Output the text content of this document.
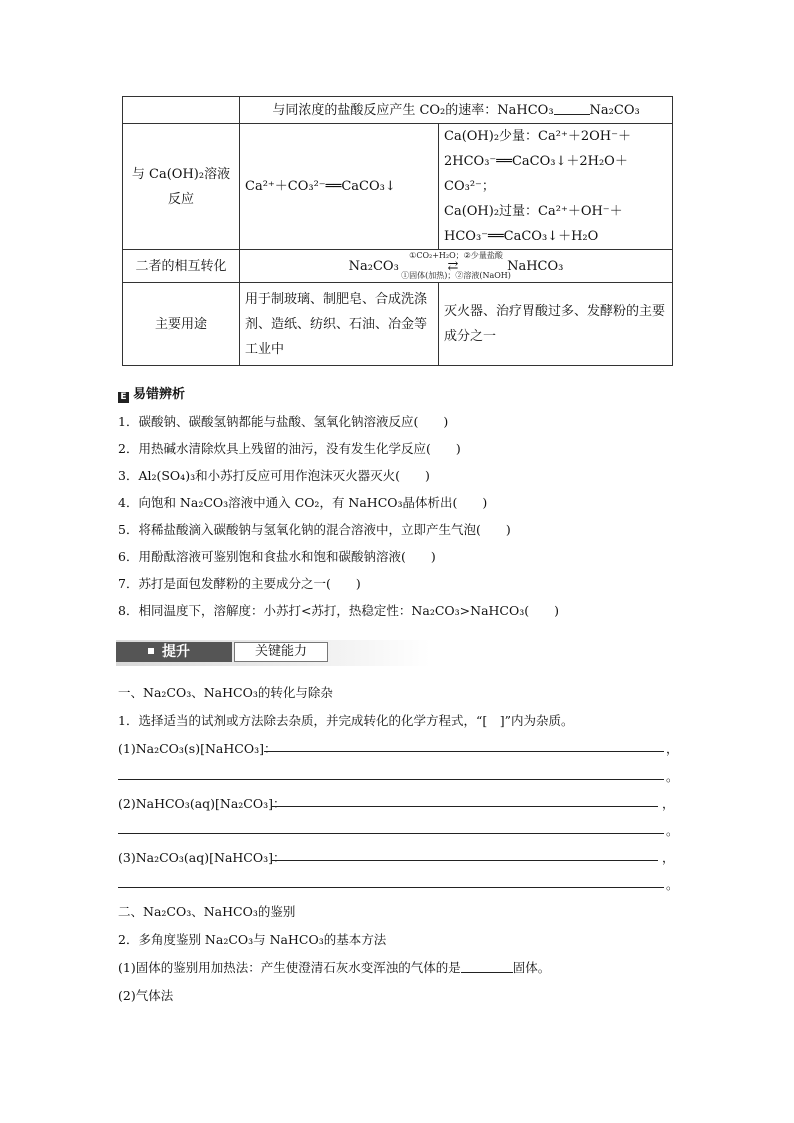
	与同浓度的盐酸反应产生 CO₂的速率：NaHCO₃ Na₂CO₃	
与 Ca(OH)₂溶液反应	Ca²⁺＋CO₃²⁻══CaCO₃↓	Ca(OH)₂少量：Ca²⁺＋2OH⁻＋2HCO₃⁻══CaCO₃↓＋2H₂O＋CO₃²⁻；
Ca(OH)₂过量：Ca²⁺＋OH⁻＋HCO₃⁻══CaCO₃↓＋H₂O

二者的相互转化	①CO₂+H₂O；②少量盐酸
Na₂CO₃ ⇄ NaHCO₃
①固体(加热)；②溶液(NaOH)	

主要用途	用于制玻璃、制肥皂、合成洗涤剂、造纸、纺织、石油、冶金等工业中	灭火器、治疗胃酸过多、发酵粉的主要成分之一
E 易错辨析
1．碳酸钠、碳酸氢钠都能与盐酸、氢氧化钠溶液反应(　　)
2．用热碱水清除炊具上残留的油污，没有发生化学反应(　　)
3．Al₂(SO₄)₃和小苏打反应可用作泡沫灭火器灭火(　　)
4．向饱和 Na₂CO₃溶液中通入 CO₂，有 NaHCO₃晶体析出(　　)
5．将稀盐酸滴入碳酸钠与氢氧化钠的混合溶液中，立即产生气泡(　　)
6．用酚酞溶液可鉴别饱和食盐水和饱和碳酸钠溶液(　　)
7．苏打是面包发酵粉的主要成分之一(　　)
8．相同温度下，溶解度：小苏打<苏打，热稳定性：Na₂CO₃>NaHCO₃(　　)
提升	关键能力
一、Na₂CO₃、NaHCO₃的转化与除杂
1．选择适当的试剂或方法除去杂质，并完成转化的化学方程式，“[　]”内为杂质。
(1)Na₂CO₃(s)[NaHCO₃]：	，
。
(2)NaHCO₃(aq)[Na₂CO₃]：	，
。
(3)Na₂CO₃(aq)[NaHCO₃]：	，
。
二、Na₂CO₃、NaHCO₃的鉴别
2．多角度鉴别 Na₂CO₃与 NaHCO₃的基本方法
(1)固体的鉴别用加热法：产生使澄清石灰水变浑浊的气体的是	固体。
(2)气体法
